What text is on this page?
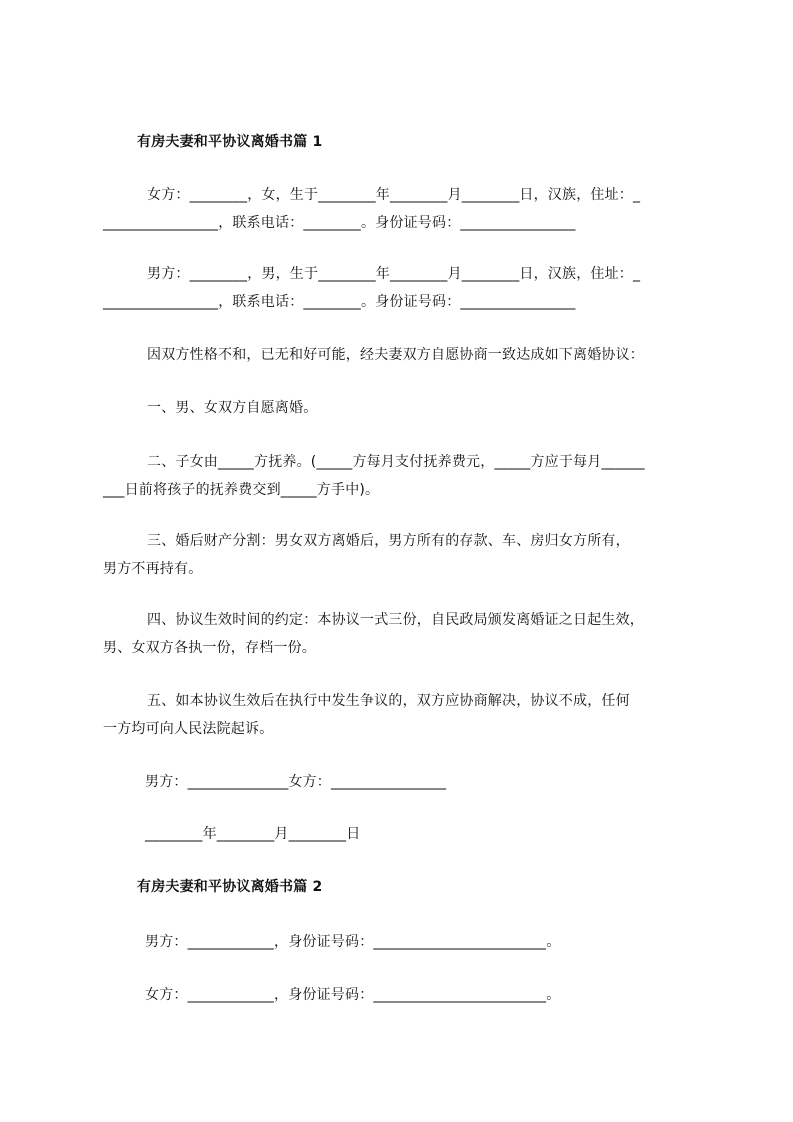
有房夫妻和平协议离婚书篇 1
女方：________，女，生于________年________月________日，汉族，住址：_
________________，联系电话：________。身份证号码：________________
男方：________，男，生于________年________月________日，汉族，住址：_
________________，联系电话：________。身份证号码：________________
因双方性格不和，已无和好可能，经夫妻双方自愿协商一致达成如下离婚协议：
一、男、女双方自愿离婚。
二、子女由_____方抚养。(_____方每月支付抚养费元，_____方应于每月______
___日前将孩子的抚养费交到_____方手中)。
三、婚后财产分割：男女双方离婚后，男方所有的存款、车、房归女方所有，
男方不再持有。
四、协议生效时间的约定：本协议一式三份，自民政局颁发离婚证之日起生效，
男、女双方各执一份，存档一份。
五、如本协议生效后在执行中发生争议的，双方应协商解决，协议不成，任何
一方均可向人民法院起诉。
男方：______________女方：________________
________年________月________日
有房夫妻和平协议离婚书篇 2
男方：____________，身份证号码：________________________。
女方：____________，身份证号码：________________________。
